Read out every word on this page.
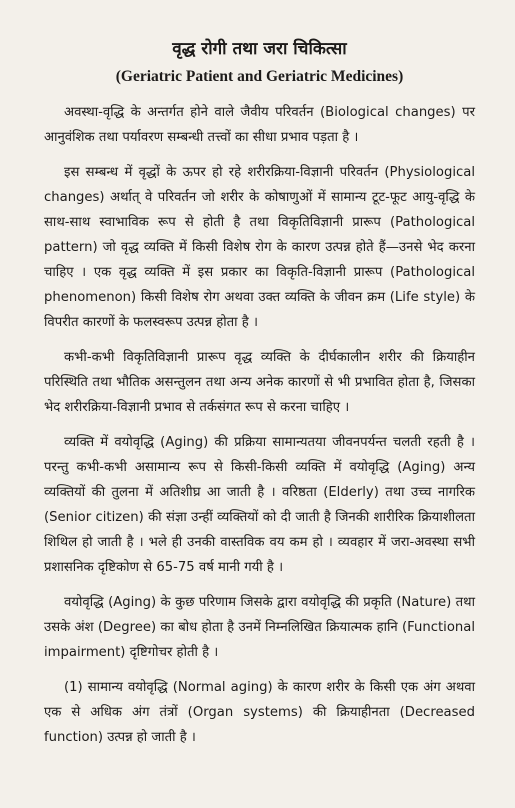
वृद्ध रोगी तथा जरा चिकित्सा
(Geriatric Patient and Geriatric Medicines)

अवस्था-वृद्धि के अन्तर्गत होने वाले जैवीय परिवर्तन (Biological changes) पर आनुवंशिक तथा पर्यावरण सम्बन्धी तत्त्वों का सीधा प्रभाव पड़ता है ।

इस सम्बन्ध में वृद्धों के ऊपर हो रहे शरीरक्रिया-विज्ञानी परिवर्तन (Physiological changes) अर्थात् वे परिवर्तन जो शरीर के कोषाणुओं में सामान्य टूट-फूट आयु-वृद्धि के साथ-साथ स्वाभाविक रूप से होती है तथा विकृतिविज्ञानी प्रारूप (Pathological pattern) जो वृद्ध व्यक्ति में किसी विशेष रोग के कारण उत्पन्न होते हैं—उनसे भेद करना चाहिए । एक वृद्ध व्यक्ति में इस प्रकार का विकृति-विज्ञानी प्रारूप (Pathological phenomenon) किसी विशेष रोग अथवा उक्त व्यक्ति के जीवन क्रम (Life style) के विपरीत कारणों के फलस्वरूप उत्पन्न होता है ।

कभी-कभी विकृतिविज्ञानी प्रारूप वृद्ध व्यक्ति के दीर्घकालीन शरीर की क्रियाहीन परिस्थिति तथा भौतिक असन्तुलन तथा अन्य अनेक कारणों से भी प्रभावित होता है, जिसका भेद शरीरक्रिया-विज्ञानी प्रभाव से तर्कसंगत रूप से करना चाहिए ।

व्यक्ति में वयोवृद्धि (Aging) की प्रक्रिया सामान्यतया जीवनपर्यन्त चलती रहती है । परन्तु कभी-कभी असामान्य रूप से किसी-किसी व्यक्ति में वयोवृद्धि (Aging) अन्य व्यक्तियों की तुलना में अतिशीघ्र आ जाती है । वरिष्ठता (Elderly) तथा उच्च नागरिक (Senior citizen) की संज्ञा उन्हीं व्यक्तियों को दी जाती है जिनकी शारीरिक क्रियाशीलता शिथिल हो जाती है । भले ही उनकी वास्तविक वय कम हो । व्यवहार में जरा-अवस्था सभी प्रशासनिक दृष्टिकोण से 65-75 वर्ष मानी गयी है ।

वयोवृद्धि (Aging) के कुछ परिणाम जिसके द्वारा वयोवृद्धि की प्रकृति (Nature) तथा उसके अंश (Degree) का बोध होता है उनमें निम्नलिखित क्रियात्मक हानि (Functional impairment) दृष्टिगोचर होती है ।

(1) सामान्य वयोवृद्धि (Normal aging) के कारण शरीर के किसी एक अंग अथवा एक से अधिक अंग तंत्रों (Organ systems) की क्रियाहीनता (Decreased function) उत्पन्न हो जाती है ।
